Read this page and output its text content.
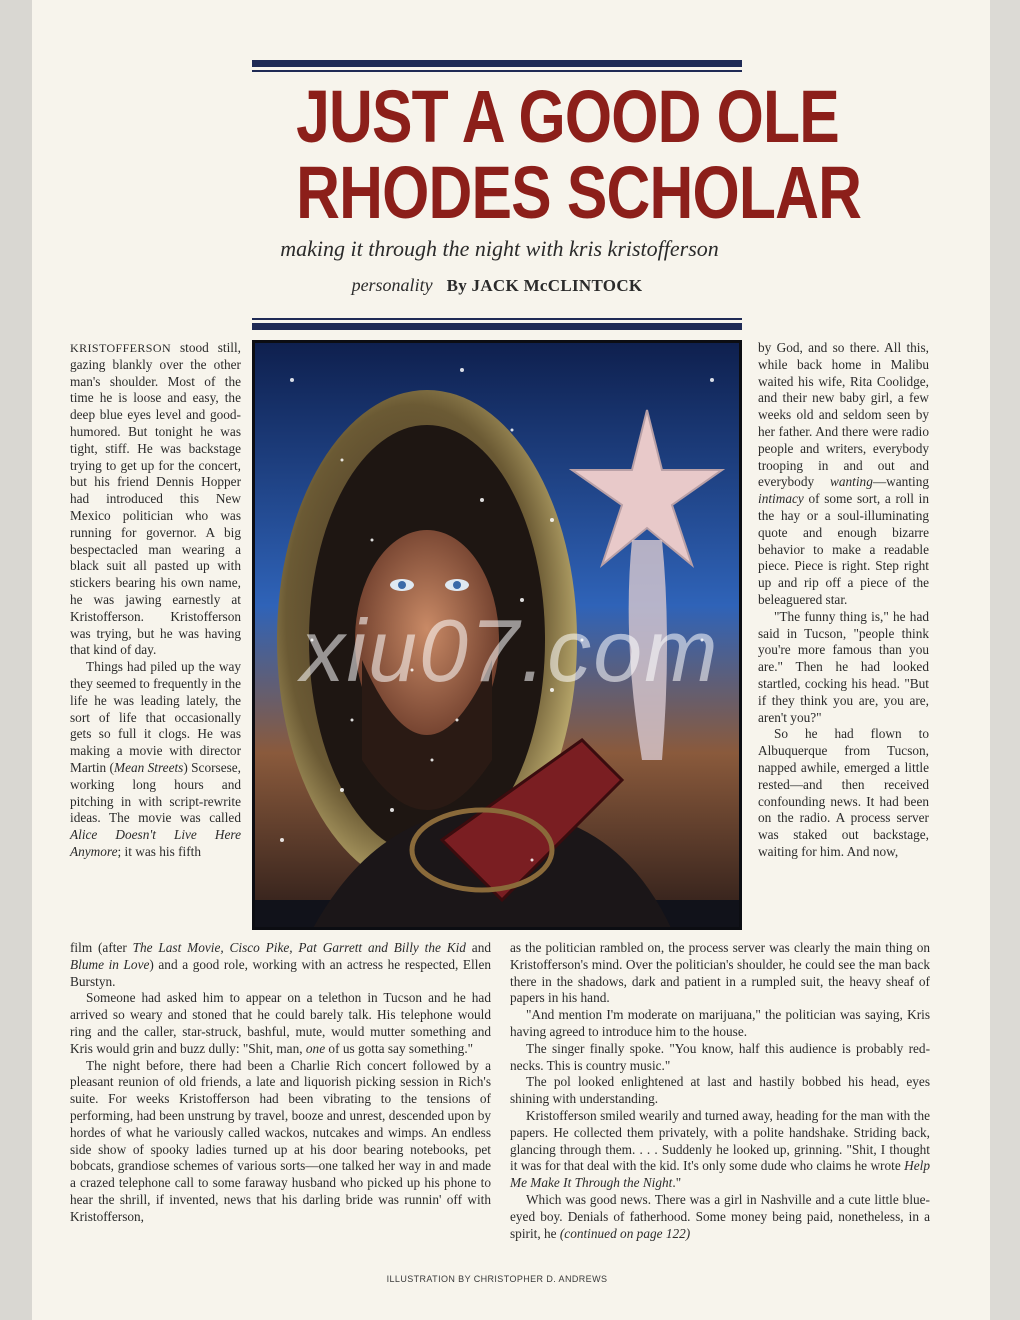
JUST A GOOD OLE
RHODES SCHOLAR
making it through the night with kris kristofferson
personality By JACK McCLINTOCK

KRISTOFFERSON stood still, gazing blankly over the other man's shoulder. Most of the time he is loose and easy, the deep blue eyes level and good-humored. But tonight he was tight, stiff. He was backstage trying to get up for the concert, but his friend Dennis Hopper had introduced this New Mexico politician who was running for governor. A big bespectacled man wearing a black suit all pasted up with stickers bearing his own name, he was jawing earnestly at Kristofferson. Kristofferson was trying, but he was having that kind of day.

Things had piled up the way they seemed to frequently in the life he was leading lately, the sort of life that occasionally gets so full it clogs. He was making a movie with director Martin (Mean Streets) Scorsese, working long hours and pitching in with script-rewrite ideas. The movie was called Alice Doesn't Live Here Anymore; it was his fifth

by God, and so there. All this, while back home in Malibu waited his wife, Rita Coolidge, and their new baby girl, a few weeks old and seldom seen by her father. And there were radio people and writers, everybody trooping in and out and everybody wanting—wanting intimacy of some sort, a roll in the hay or a soul-illuminating quote and enough bizarre behavior to make a readable piece. Piece is right. Step right up and rip off a piece of the beleaguered star.

"The funny thing is," he had said in Tucson, "people think you're more famous than you are." Then he had looked startled, cocking his head. "But if they think you are, you are, aren't you?"

So he had flown to Albuquerque from Tucson, napped awhile, emerged a little rested—and then received confounding news. It had been on the radio. A process server was staked out backstage, waiting for him. And now,

film (after The Last Movie, Cisco Pike, Pat Garrett and Billy the Kid and Blume in Love) and a good role, working with an actress he respected, Ellen Burstyn.

Someone had asked him to appear on a telethon in Tucson and he had arrived so weary and stoned that he could barely talk. His telephone would ring and the caller, star-struck, bashful, mute, would mutter something and Kris would grin and buzz dully: "Shit, man, one of us gotta say something."

The night before, there had been a Charlie Rich concert followed by a pleasant reunion of old friends, a late and liquorish picking session in Rich's suite. For weeks Kristofferson had been vibrating to the tensions of performing, had been unstrung by travel, booze and unrest, descended upon by hordes of what he variously called wackos, nutcakes and wimps. An endless side show of spooky ladies turned up at his door bearing notebooks, pet bobcats, grandiose schemes of various sorts—one talked her way in and made a crazed telephone call to some faraway husband who picked up his phone to hear the shrill, if invented, news that his darling bride was runnin' off with Kristofferson,

as the politician rambled on, the process server was clearly the main thing on Kristofferson's mind. Over the politician's shoulder, he could see the man back there in the shadows, dark and patient in a rumpled suit, the heavy sheaf of papers in his hand.

"And mention I'm moderate on marijuana," the politician was saying, Kris having agreed to introduce him to the house.

The singer finally spoke. "You know, half this audience is probably red-necks. This is country music."

The pol looked enlightened at last and hastily bobbed his head, eyes shining with understanding.

Kristofferson smiled wearily and turned away, heading for the man with the papers. He collected them privately, with a polite handshake. Striding back, glancing through them. . . . Suddenly he looked up, grinning. "Shit, I thought it was for that deal with the kid. It's only some dude who claims he wrote Help Me Make It Through the Night."

Which was good news. There was a girl in Nashville and a cute little blue-eyed boy. Denials of fatherhood. Some money being paid, nonetheless, in a spirit, he (continued on page 122)

ILLUSTRATION BY CHRISTOPHER D. ANDREWS
xiu07.com
